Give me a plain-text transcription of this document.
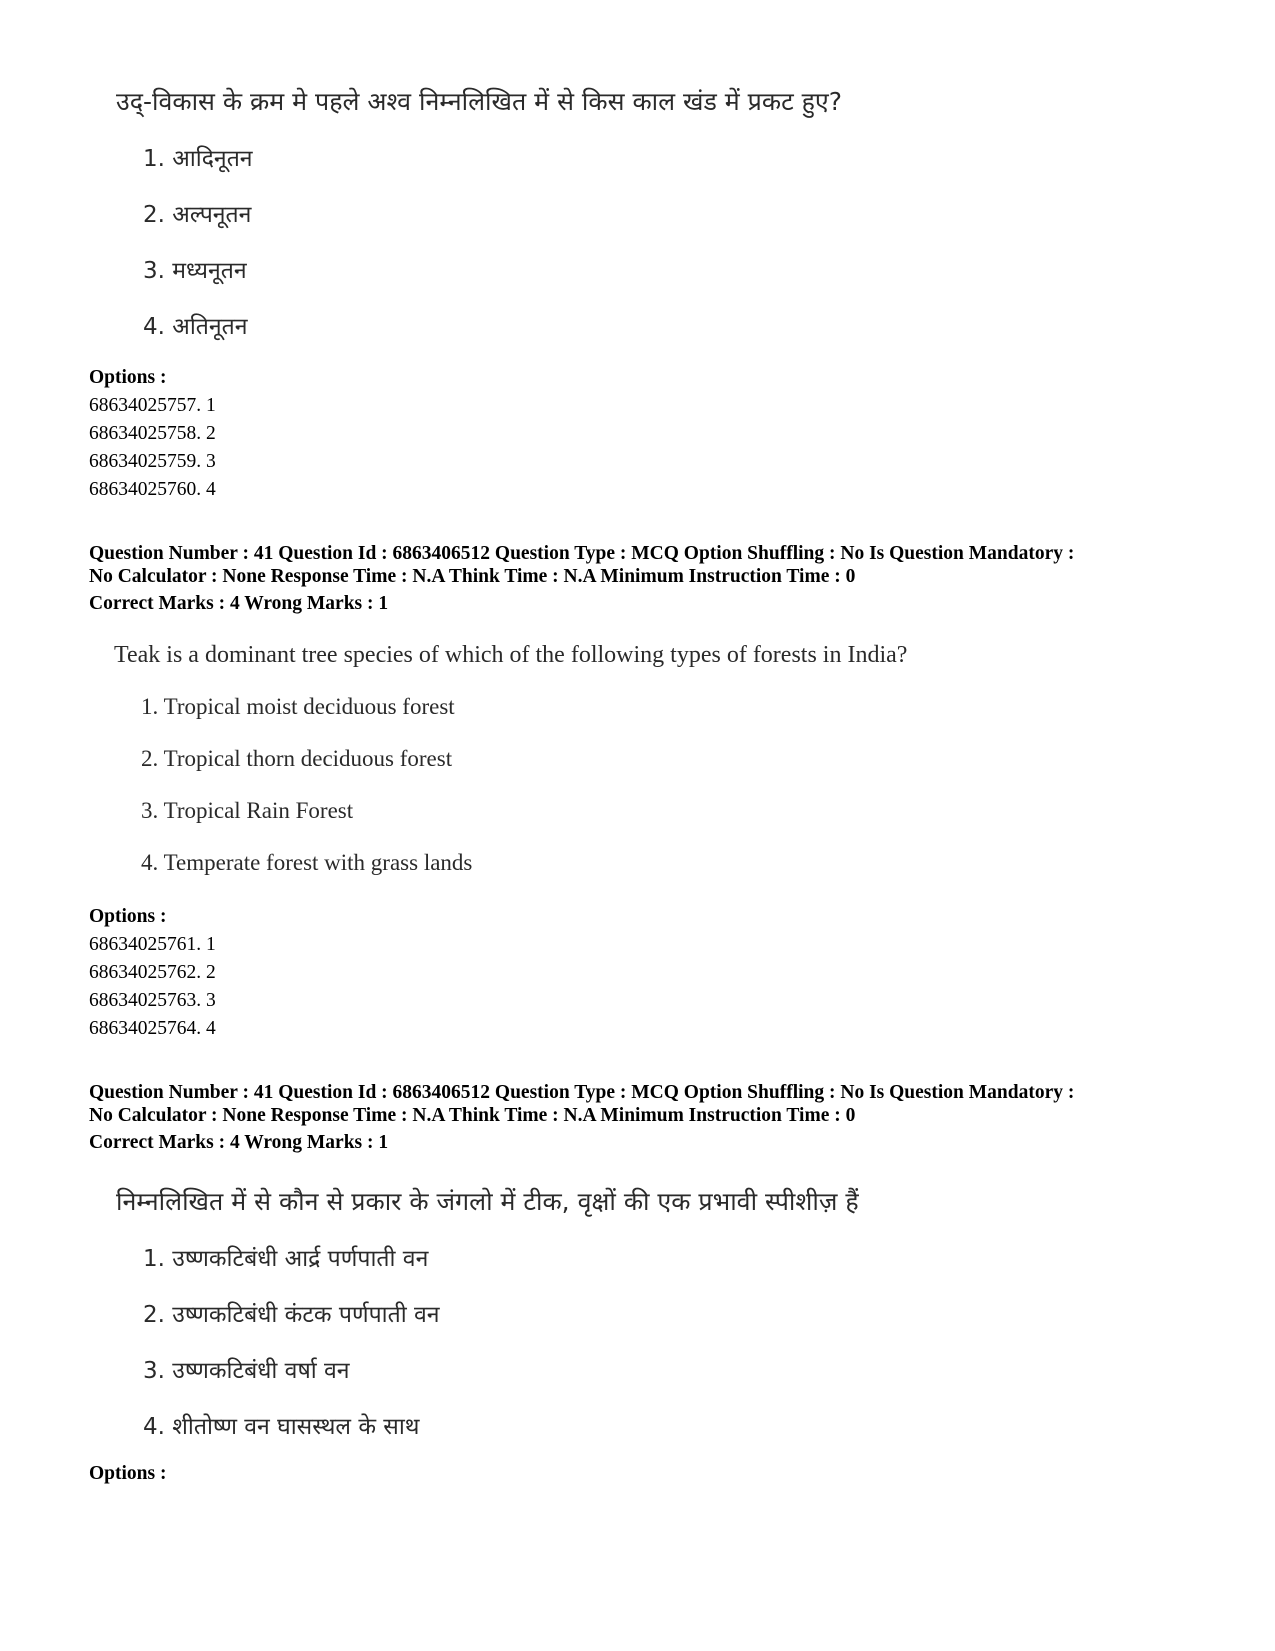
उद्-विकास के क्रम मे पहले अश्व निम्नलिखित में से किस काल खंड में प्रकट हुए?
1. आदिनूतन
2. अल्पनूतन
3. मध्यनूतन
4. अतिनूतन
Options :
68634025757. 1
68634025758. 2
68634025759. 3
68634025760. 4
Question Number : 41 Question Id : 6863406512 Question Type : MCQ Option Shuffling : No Is Question Mandatory :
No Calculator : None Response Time : N.A Think Time : N.A Minimum Instruction Time : 0
Correct Marks : 4 Wrong Marks : 1
Teak is a dominant tree species of which of the following types of forests in India?
1. Tropical moist deciduous forest
2. Tropical thorn deciduous forest
3. Tropical Rain Forest
4. Temperate forest with grass lands
Options :
68634025761. 1
68634025762. 2
68634025763. 3
68634025764. 4
Question Number : 41 Question Id : 6863406512 Question Type : MCQ Option Shuffling : No Is Question Mandatory :
No Calculator : None Response Time : N.A Think Time : N.A Minimum Instruction Time : 0
Correct Marks : 4 Wrong Marks : 1
निम्नलिखित में से कौन से प्रकार के जंगलो में टीक, वृक्षों की एक प्रभावी स्पीशीज़ हैं
1. उष्णकटिबंधी आर्द्र पर्णपाती वन
2. उष्णकटिबंधी कंटक पर्णपाती वन
3. उष्णकटिबंधी वर्षा वन
4. शीतोष्ण वन घासस्थल के साथ
Options :
